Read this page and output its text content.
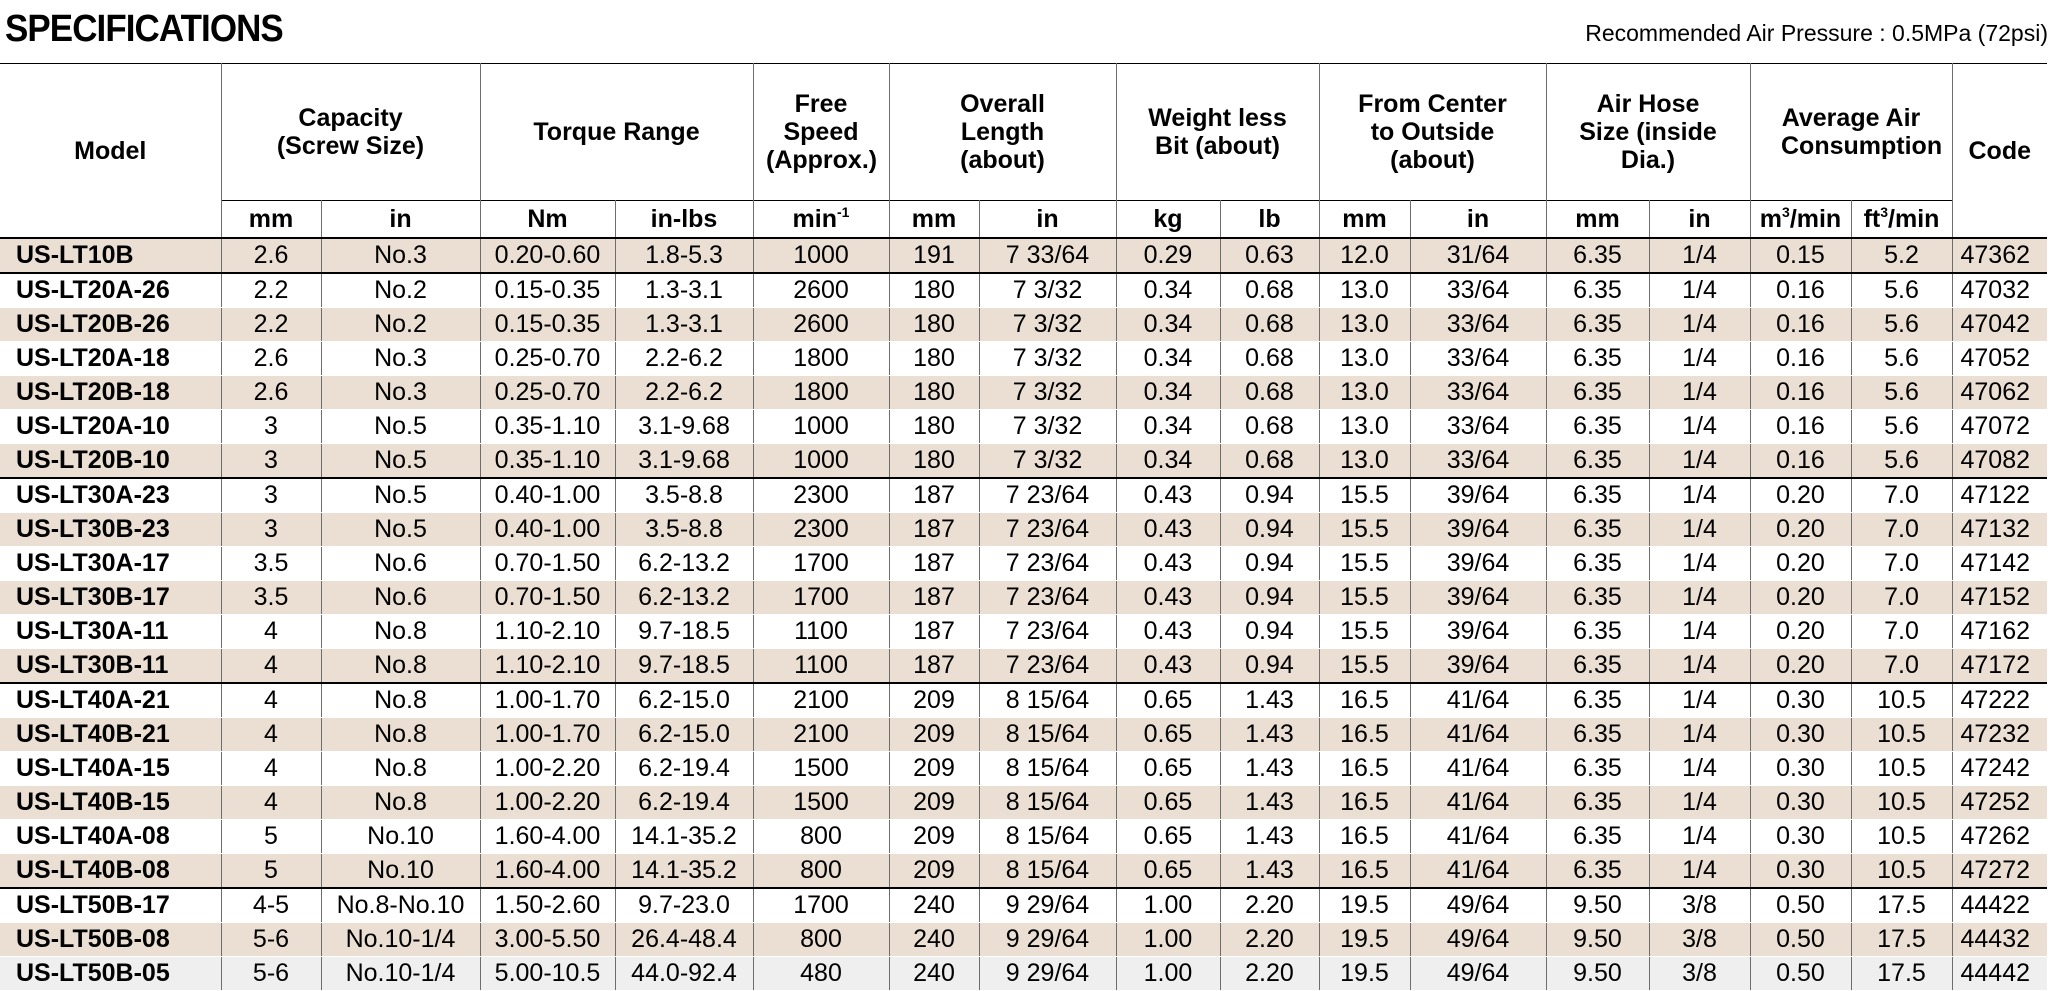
SPECIFICATIONS	Recommended Air Pressure : 0.5MPa (72psi)
Model	Capacity (Screw Size)		Torque Range		Free Speed (Approx.)	Overall Length (about)		Weight less Bit (about)		From Center to Outside (about)		Air Hose Size (inside Dia.)		Average Air Consumption		Code
	mm	in	Nm	in-lbs	$\min^{-1}$	mm	in	kg	lb	mm	in	mm	in	$m^3/\min$	$ft^3/\min$	
US-LT10B	2.6	No.3	0.20-0.60	1.8-5.3	1000	191	7 33/64	0.29	0.63	12.0	31/64	6.35	1/4	0.15	5.2	47362
US-LT20A-26	2.2	No.2	0.15-0.35	1.3-3.1	2600	180	7 3/32	0.34	0.68	13.0	33/64	6.35	1/4	0.16	5.6	47032
US-LT20B-26	2.2	No.2	0.15-0.35	1.3-3.1	2600	180	7 3/32	0.34	0.68	13.0	33/64	6.35	1/4	0.16	5.6	47042
US-LT20A-18	2.6	No.3	0.25-0.70	2.2-6.2	1800	180	7 3/32	0.34	0.68	13.0	33/64	6.35	1/4	0.16	5.6	47052
US-LT20B-18	2.6	No.3	0.25-0.70	2.2-6.2	1800	180	7 3/32	0.34	0.68	13.0	33/64	6.35	1/4	0.16	5.6	47062
US-LT20A-10	3	No.5	0.35-1.10	3.1-9.68	1000	180	7 3/32	0.34	0.68	13.0	33/64	6.35	1/4	0.16	5.6	47072
US-LT20B-10	3	No.5	0.35-1.10	3.1-9.68	1000	180	7 3/32	0.34	0.68	13.0	33/64	6.35	1/4	0.16	5.6	47082
US-LT30A-23	3	No.5	0.40-1.00	3.5-8.8	2300	187	7 23/64	0.43	0.94	15.5	39/64	6.35	1/4	0.20	7.0	47122
US-LT30B-23	3	No.5	0.40-1.00	3.5-8.8	2300	187	7 23/64	0.43	0.94	15.5	39/64	6.35	1/4	0.20	7.0	47132
US-LT30A-17	3.5	No.6	0.70-1.50	6.2-13.2	1700	187	7 23/64	0.43	0.94	15.5	39/64	6.35	1/4	0.20	7.0	47142
US-LT30B-17	3.5	No.6	0.70-1.50	6.2-13.2	1700	187	7 23/64	0.43	0.94	15.5	39/64	6.35	1/4	0.20	7.0	47152
US-LT30A-11	4	No.8	1.10-2.10	9.7-18.5	1100	187	7 23/64	0.43	0.94	15.5	39/64	6.35	1/4	0.20	7.0	47162
US-LT30B-11	4	No.8	1.10-2.10	9.7-18.5	1100	187	7 23/64	0.43	0.94	15.5	39/64	6.35	1/4	0.20	7.0	47172
US-LT40A-21	4	No.8	1.00-1.70	6.2-15.0	2100	209	8 15/64	0.65	1.43	16.5	41/64	6.35	1/4	0.30	10.5	47222
US-LT40B-21	4	No.8	1.00-1.70	6.2-15.0	2100	209	8 15/64	0.65	1.43	16.5	41/64	6.35	1/4	0.30	10.5	47232
US-LT40A-15	4	No.8	1.00-2.20	6.2-19.4	1500	209	8 15/64	0.65	1.43	16.5	41/64	6.35	1/4	0.30	10.5	47242
US-LT40B-15	4	No.8	1.00-2.20	6.2-19.4	1500	209	8 15/64	0.65	1.43	16.5	41/64	6.35	1/4	0.30	10.5	47252
US-LT40A-08	5	No.10	1.60-4.00	14.1-35.2	800	209	8 15/64	0.65	1.43	16.5	41/64	6.35	1/4	0.30	10.5	47262
US-LT40B-08	5	No.10	1.60-4.00	14.1-35.2	800	209	8 15/64	0.65	1.43	16.5	41/64	6.35	1/4	0.30	10.5	47272
US-LT50B-17	4-5	No.8-No.10	1.50-2.60	9.7-23.0	1700	240	9 29/64	1.00	2.20	19.5	49/64	9.50	3/8	0.50	17.5	44422
US-LT50B-08	5-6	No.10-1/4	3.00-5.50	26.4-48.4	800	240	9 29/64	1.00	2.20	19.5	49/64	9.50	3/8	0.50	17.5	44432
US-LT50B-05	5-6	No.10-1/4	5.00-10.5	44.0-92.4	480	240	9 29/64	1.00	2.20	19.5	49/64	9.50	3/8	0.50	17.5	44442
